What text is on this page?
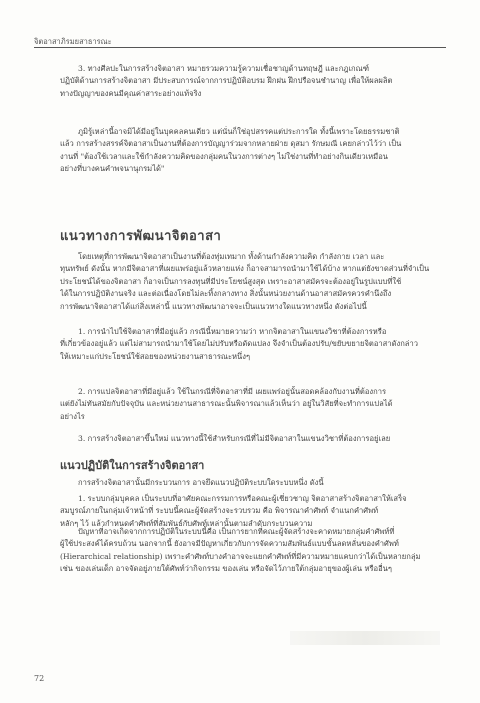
จิตอาสาภิรมยสาธารณะ
3. ทางศีลปะในการสร้างจิตอาสา หมายรวมความรู้ความเชื่อชาญด้านทฤษฎี และกฎเกณฑ์
ปฏิบัติด้านการสร้างจิตอาสา มีประสบการณ์จากการปฏิบัติอบรม ฝึกฝน ฝึกปรือจนชำนาญ เพื่อให้ผลผลิต
ทางปัญญาของคนมีคุณค่าสาระอย่างแท้จริง
ภูมิรู้เหล่านี้อาจมิได้มีอยู่ในบุคคลคนเดียว แต่นั่นก็ใช่อุปสรรคแต่ประการใด ทั้งนี้เพราะโดยธรรมชาติ
แล้ว การสร้างสรรค์จิตอาสาเป็นงานที่ต้องการบัญญาร่วมจากหลายฝ่าย ดุสมา รักษมณี เคยกล่าวไว้ว่า เป็น
งานที่ "ต้องใช้เวลาและใช้กำลังความคิดของกลุ่มคนในวงการต่างๆ ไม่ใช่งานที่ทำอย่างกินเดียวเหมือน
อย่างที่บางคนคำพจนานุกรมได้"
แนวทางการพัฒนาจิตอาสา
โดยเหตุที่การพัฒนาจิตอาสาเป็นงานที่ต้องทุ่มเทมาก ทั้งด้านกำลังความคิด กำลังกาย เวลา และ
ทุนทรัพย์ ดังนั้น หากมีจิตอาสาที่เผยแพร่อยู่แล้วหลายแห่ง ก็อาจสามารถนำมาใช้ได้บ้าง หากแต่ยังขาดส่วนที่จำเป็น
ประโยชน์ได้ของจิตอาสา ก็อาจเป็นการลงทุนที่มีประโยชน์สูงสุด เพราะอาสาสมัครจะต้องอยู่ในรูปแบบที่ใช้
ได้ในการปฏิบัติงานจริง และต่อเนื่องโดยไม่ละทิ้งกลางทาง สิ่งนั้นหน่วยงานด้านอาสาสมัครควรคำนึงถึง
การพัฒนาจิตอาสาได้แก่สิ่งเหล่านี้ แนวทางพัฒนาอาจจะเป็นแนวทางใดแนวทางหนึ่ง ดังต่อไปนี้
1. การนำไปใช้จิตอาสาที่มีอยู่แล้ว กรณีนี้หมายความว่า หากจิตอาสาในแขนงวิชาที่ต้องการหรือ
ที่เกี่ยวข้องอยู่แล้ว แต่ไม่สามารถนำมาใช้โดยไม่ปรับหรือดัดแปลง จึงจำเป็นต้องปรับ/ขยับขยายจิตอาสาดังกล่าว
ให้เหมาะแก่ประโยชน์ใช้สอยของหน่วยงานสาธารณะหนึ่งๆ
2. การแปลจิตอาสาที่มีอยู่แล้ว ใช้ในกรณีที่จิตอาสาที่มี เผยแพร่อยู่นั้นสอดคล้องกับงานที่ต้องการ
แต่ยังไม่ทันสมัยกับปัจจุบัน และหน่วยงานสาธารณะนั้นพิจารณาแล้วเห็นว่า อยู่ในวิสัยที่จะทำการแปลได้
อย่างไร
3. การสร้างจิตอาสาขึ้นใหม่ แนวทางนี้ใช้สำหรับกรณีที่ไม่มีจิตอาสาในแขนงวิชาที่ต้องการอยู่เลย
แนวปฏิบัติในการสร้างจิตอาสา
การสร้างจิตอาสานั้นมีกระบวนการ อาจยึดแนวปฏิบัติระบบใดระบบหนึ่ง ดังนี้
1. ระบบกลุ่มบุคคล เป็นระบบที่อาศัยคณะกรรมการหรือคณะผู้เชี่ยวชาญ จิตอาสาสร้างจิตอาสาให้เสร็จ
สมบูรณ์ภายในกลุ่มเจ้าหน้าที่ ระบบนี้คณะผู้จัดสร้างจะรวบรวม คือ พิจารณาคำศัพท์ จำแนกคำศัพท์
หลักๆ ไว้ แล้วกำหนดคำศัพท์ที่สัมพันธ์กับศัพท์เหล่านั้นตามลำดับกระบวนความ
ปัญหาที่อาจเกิดจากการปฏิบัติในระบบนี้คือ เป็นการยากที่คณะผู้จัดสร้างจะคาดหมายกลุ่มคำศัพท์ที่
ผู้ใช้ประสงค์ได้ครบถ้วน นอกจากนี้ ยังอาจมีปัญหาเกี่ยวกับการจัดความสัมพันธ์แบบขั้นลดหลั่นของคำศัพท์
(Hierarchical relationship) เพราะคำศัพท์บางคำอาจจะแยกคำศัพท์ที่มีความหมายแคบกว่าได้เป็นหลายกลุ่ม
เช่น ของเล่นเด็ก อาจจัดอยู่ภายใต้ศัพท์ว่ากิจกรรม ของเล่น หรือจัดไว้ภายใต้กลุ่มอายุของผู้เล่น หรืออื่นๆ
72
